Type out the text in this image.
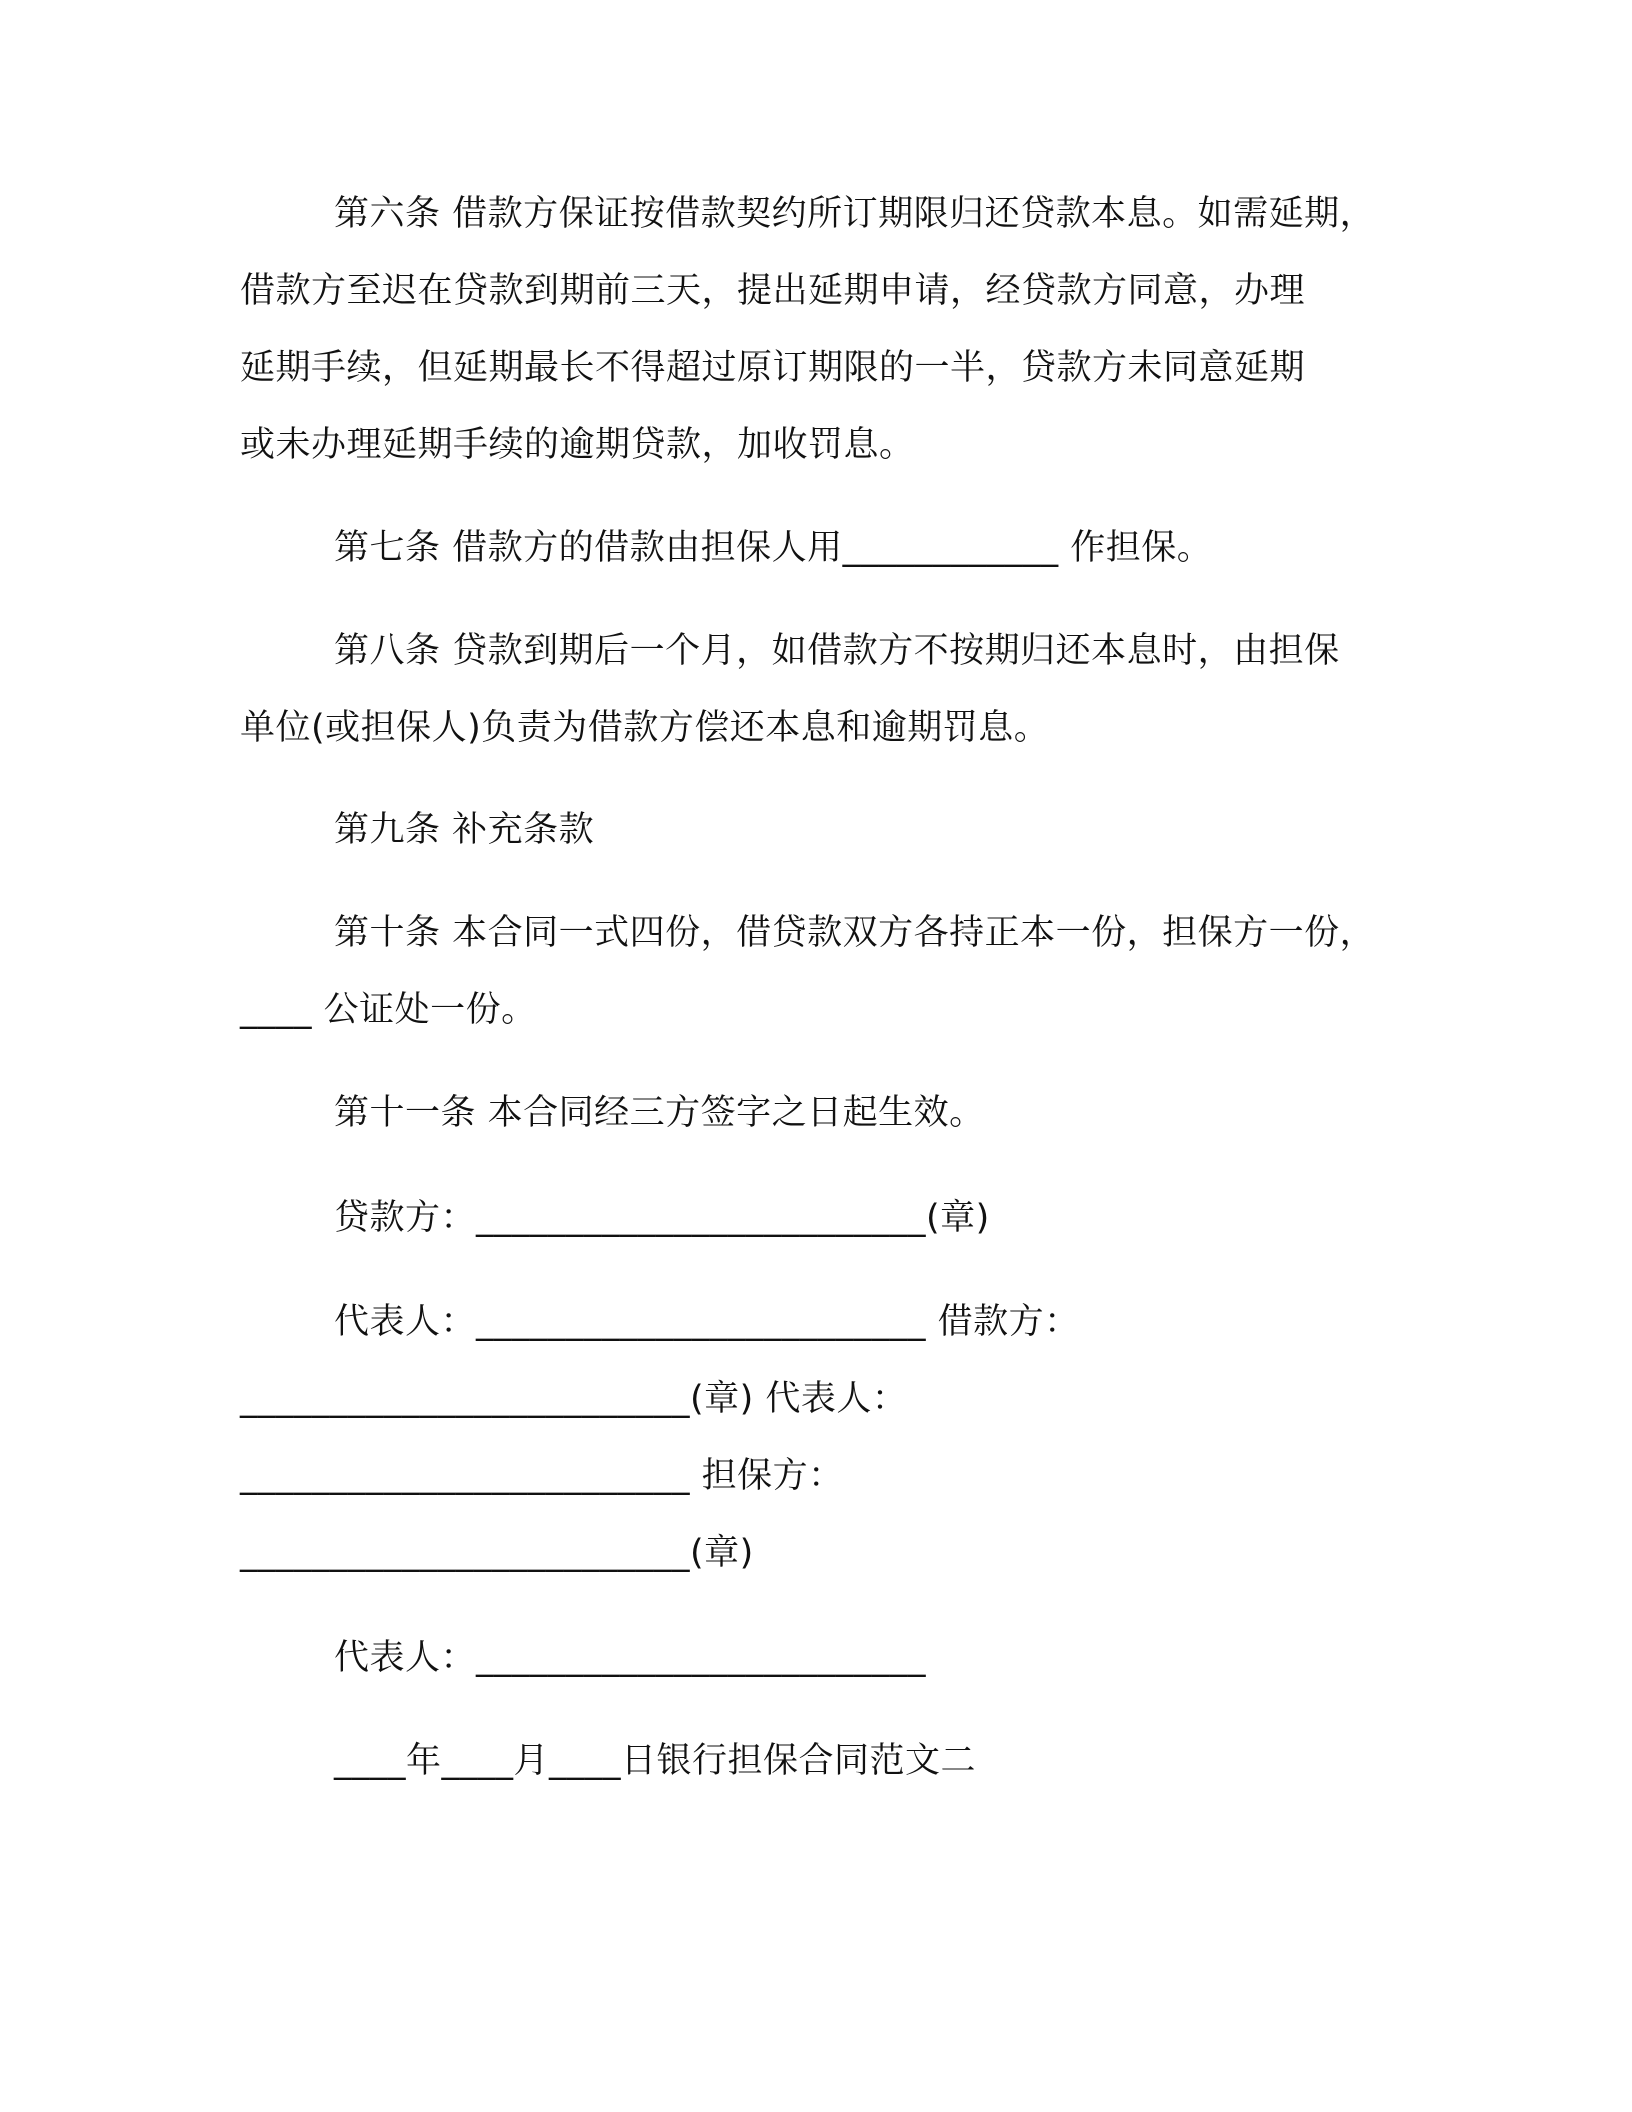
第六条 借款方保证按借款契约所订期限归还贷款本息。如需延期，
借款方至迟在贷款到期前三天，提出延期申请，经贷款方同意，办理
延期手续，但延期最长不得超过原订期限的一半，贷款方未同意延期
或未办理延期手续的逾期贷款，加收罚息。
第七条 借款方的借款由担保人用____________ 作担保。
第八条 贷款到期后一个月，如借款方不按期归还本息时，由担保
单位(或担保人)负责为借款方偿还本息和逾期罚息。
第九条 补充条款
第十条 本合同一式四份，借贷款双方各持正本一份，担保方一份，
____ 公证处一份。
第十一条 本合同经三方签字之日起生效。
贷款方：_________________________(章)
代表人：_________________________ 借款方：
_________________________(章) 代表人：
_________________________ 担保方：
_________________________(章)
代表人：_________________________
____年____月____日银行担保合同范文二
